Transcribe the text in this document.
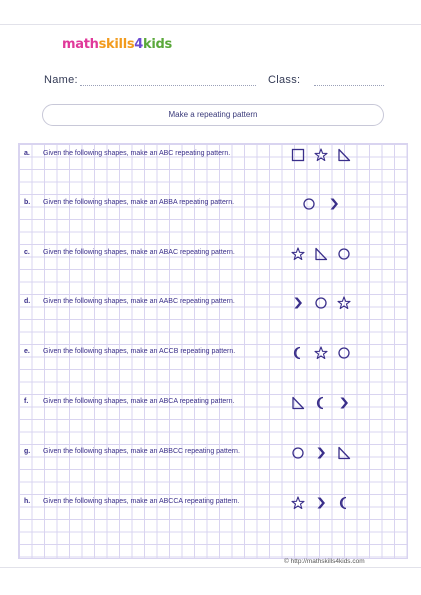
mathskills4kids
Name:	Class:
Make a repeating pattern
a. Given the following shapes, make an ABC repeating pattern.
b. Given the following shapes, make an ABBA repeating pattern.
c. Given the following shapes, make an ABAC repeating pattern.
d. Given the following shapes, make an AABC repeating pattern.
e. Given the following shapes, make an ACCB repeating pattern.
f. Given the following shapes, make an ABCA repeating pattern.
g. Given the following shapes, make an ABBCC repeating pattern.
h. Given the following shapes, make an ABCCA repeating pattern.
© http://mathskills4kids.com
